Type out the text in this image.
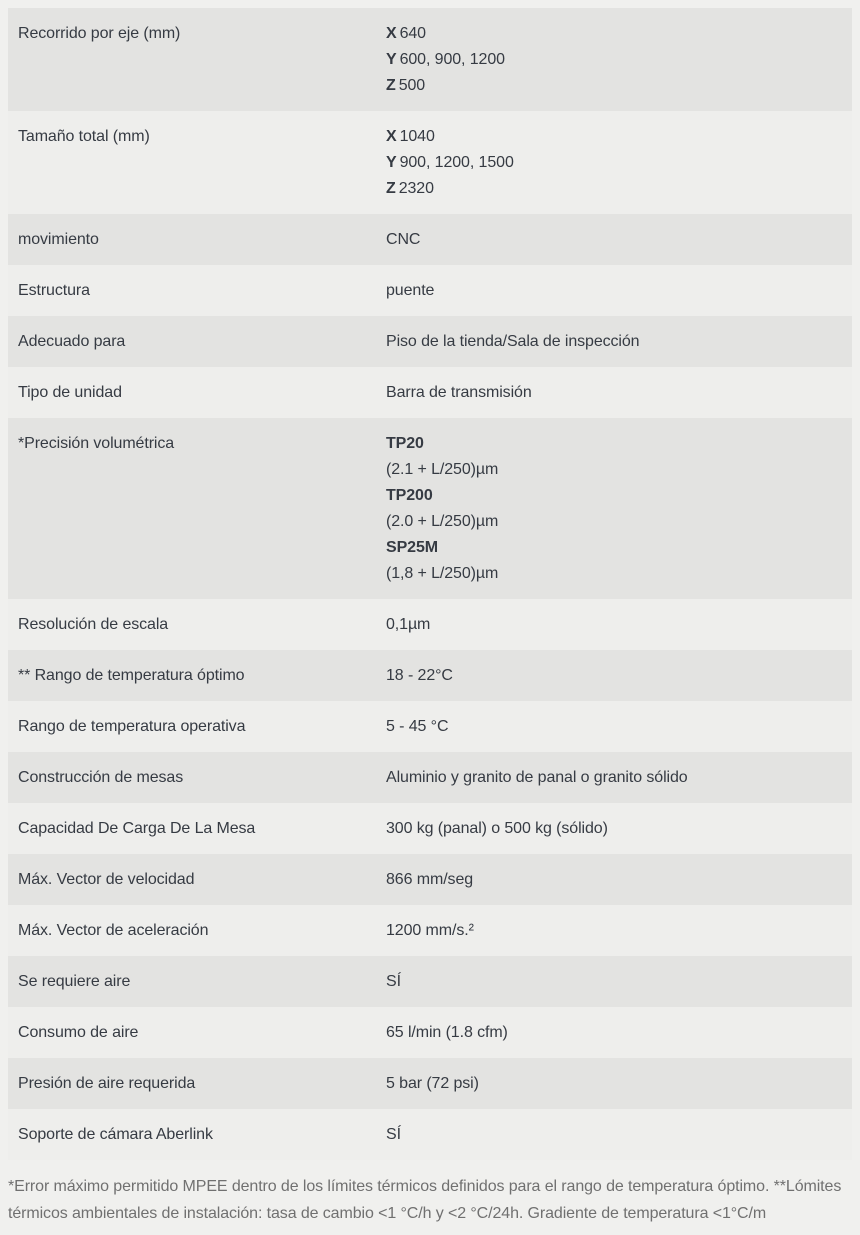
Recorrido por eje (mm)	X 640
Y 600, 900, 1200
Z 500
Tamaño total (mm)	X 1040
Y 900, 1200, 1500
Z 2320
movimiento	CNC
Estructura	puente
Adecuado para	Piso de la tienda/Sala de inspección
Tipo de unidad	Barra de transmisión
*Precisión volumétrica	TP20
(2.1 + L/250)µm
TP200
(2.0 + L/250)µm
SP25M
(1,8 + L/250)µm
Resolución de escala	0,1µm
** Rango de temperatura óptimo	18 - 22°C
Rango de temperatura operativa	5 - 45 °C
Construcción de mesas	Aluminio y granito de panal o granito sólido
Capacidad De Carga De La Mesa	300 kg (panal) o 500 kg (sólido)
Máx. Vector de velocidad	866 mm/seg
Máx. Vector de aceleración	1200 mm/s.²
Se requiere aire	SÍ
Consumo de aire	65 l/min (1.8 cfm)
Presión de aire requerida	5 bar (72 psi)
Soporte de cámara Aberlink	SÍ

*Error máximo permitido MPEE dentro de los límites térmicos definidos para el rango de temperatura óptimo. **Lómites térmicos ambientales de instalación: tasa de cambio <1 °C/h y <2 °C/24h. Gradiente de temperatura <1°C/m
